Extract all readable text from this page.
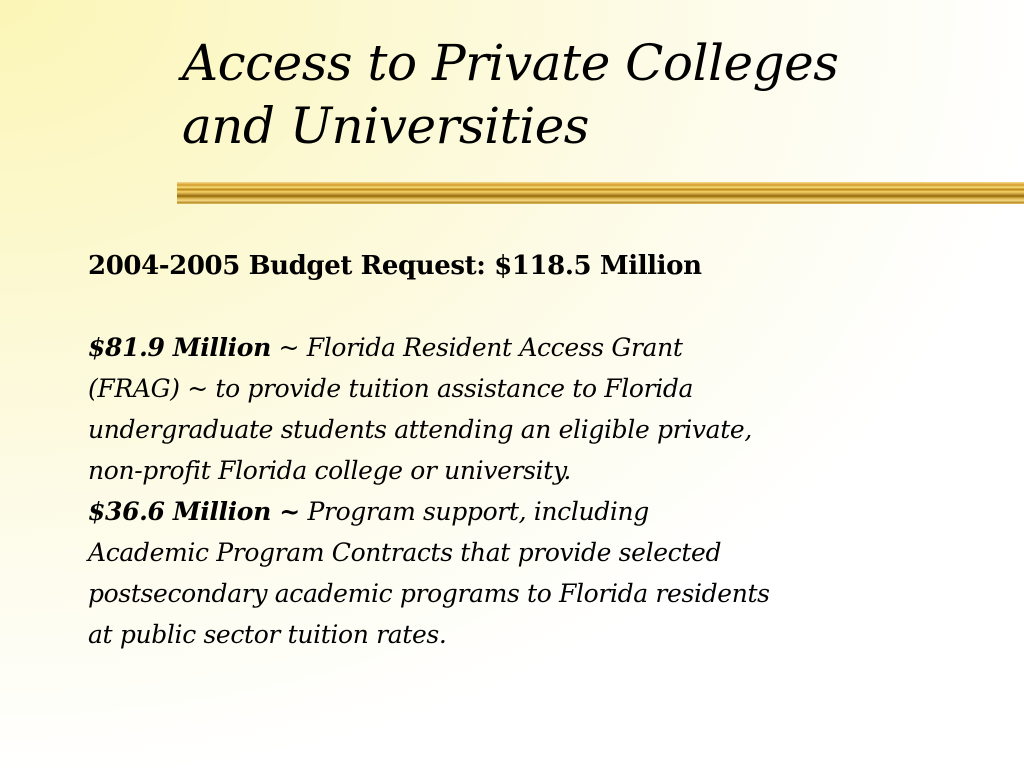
Access to Private Colleges
and Universities
2004-2005 Budget Request: $118.5 Million
$81.9 Million ~ Florida Resident Access Grant
(FRAG) ~ to provide tuition assistance to Florida
undergraduate students attending an eligible private,
non-profit Florida college or university.
$36.6 Million ~ Program support, including
Academic Program Contracts that provide selected
postsecondary academic programs to Florida residents
at public sector tuition rates.
